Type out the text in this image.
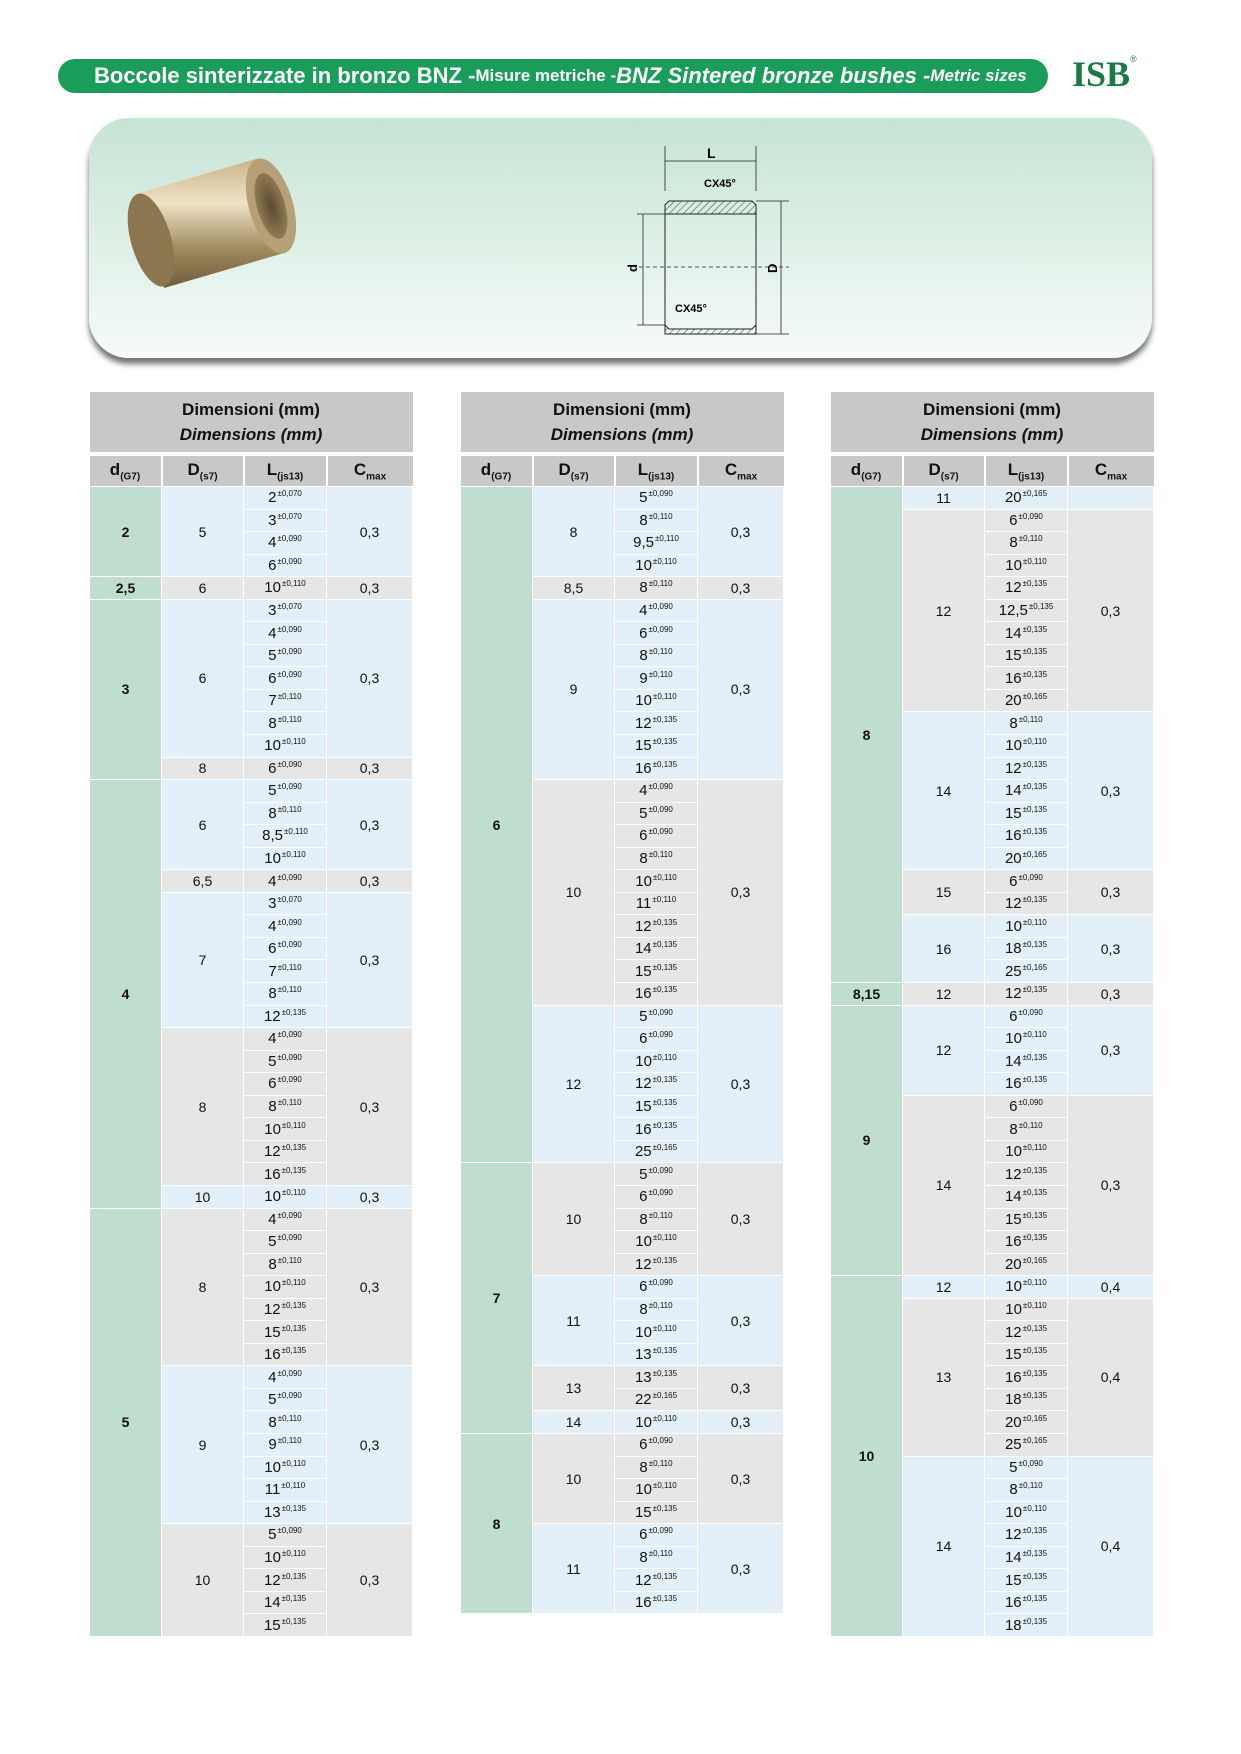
Boccole sinterizzate in bronzo BNZ - Misure metriche - BNZ Sintered bronze bushes - Metric sizes ISB ®
L
CX45°
d	D
CX45°
Dimensioni (mm)
Dimensions (mm)			

$d_{(G7)}$	$D_{(s7)}$	$L_{(js13)}$	$C_{max}$
2	5	$2^{\pm 0,070}$	0,3
		$3^{\pm 0,070}$
		$4^{\pm 0,090}$
		$6^{\pm 0,090}$
2,5	6	$10^{\pm 0,110}$	0,3
3	6	$3^{\pm 0,070}$	0,3
		$4^{\pm 0,090}$
		$5^{\pm 0,090}$
		$6^{\pm 0,090}$
		$7^{\pm 0,110}$
		$8^{\pm 0,110}$
		$10^{\pm 0,110}$
	8	$6^{\pm 0,090}$	0,3
4	6	$5^{\pm 0,090}$	0,3
		$8^{\pm 0,110}$
		$8,5^{\pm 0,110}$
		$10^{\pm 0,110}$
	6,5	$4^{\pm 0,090}$	0,3
	7	$3^{\pm 0,070}$	0,3
		$4^{\pm 0,090}$
		$6^{\pm 0,090}$
		$7^{\pm 0,110}$
		$8^{\pm 0,110}$
		$12^{\pm 0,135}$
	8	$4^{\pm 0,090}$	0,3
		$5^{\pm 0,090}$
		$6^{\pm 0,090}$
		$8^{\pm 0,110}$
		$10^{\pm 0,110}$
		$12^{\pm 0,135}$
		$16^{\pm 0,135}$
	10	$10^{\pm 0,110}$	0,3
5	8	$4^{\pm 0,090}$	0,3
		$5^{\pm 0,090}$
		$8^{\pm 0,110}$
		$10^{\pm 0,110}$
		$12^{\pm 0,135}$
		$15^{\pm 0,135}$
		$16^{\pm 0,135}$
	9	$4^{\pm 0,090}$	0,3
		$5^{\pm 0,090}$
		$8^{\pm 0,110}$
		$9^{\pm 0,110}$
		$10^{\pm 0,110}$
		$11^{\pm 0,110}$
		$13^{\pm 0,135}$
	10	$5^{\pm 0,090}$	0,3
		$10^{\pm 0,110}$
		$12^{\pm 0,135}$
		$14^{\pm 0,135}$
		$15^{\pm 0,135}$
Dimensioni (mm)
Dimensions (mm)			

$d_{(G7)}$	$D_{(s7)}$	$L_{(js13)}$	$C_{max}$
6	8	$5^{\pm 0,090}$	0,3
		$8^{\pm 0,110}$
		$9,5^{\pm 0,110}$
		$10^{\pm 0,110}$
	8,5	$8^{\pm 0,110}$	0,3
	9	$4^{\pm 0,090}$	0,3
		$6^{\pm 0,090}$
		$8^{\pm 0,110}$
		$9^{\pm 0,110}$
		$10^{\pm 0,110}$
		$12^{\pm 0,135}$
		$15^{\pm 0,135}$
		$16^{\pm 0,135}$
	10	$4^{\pm 0,090}$	0,3
		$5^{\pm 0,090}$
		$6^{\pm 0,090}$
		$8^{\pm 0,110}$
		$10^{\pm 0,110}$
		$11^{\pm 0,110}$
		$12^{\pm 0,135}$
		$14^{\pm 0,135}$
		$15^{\pm 0,135}$
		$16^{\pm 0,135}$
	12	$5^{\pm 0,090}$	0,3
		$6^{\pm 0,090}$
		$10^{\pm 0,110}$
		$12^{\pm 0,135}$
		$15^{\pm 0,135}$
		$16^{\pm 0,135}$
		$25^{\pm 0,165}$
7	10	$5^{\pm 0,090}$	0,3
		$6^{\pm 0,090}$
		$8^{\pm 0,110}$
		$10^{\pm 0,110}$
		$12^{\pm 0,135}$
	11	$6^{\pm 0,090}$	0,3
		$8^{\pm 0,110}$
		$10^{\pm 0,110}$
		$13^{\pm 0,135}$
	13	$13^{\pm 0,135}$	0,3
		$22^{\pm 0,165}$
	14	$10^{\pm 0,110}$	0,3
8	10	$6^{\pm 0,090}$	0,3
		$8^{\pm 0,110}$
		$10^{\pm 0,110}$
		$15^{\pm 0,135}$
	11	$6^{\pm 0,090}$	0,3
		$8^{\pm 0,110}$
		$12^{\pm 0,135}$
		$16^{\pm 0,135}$
Dimensioni (mm)
Dimensions (mm)			

$d_{(G7)}$	$D_{(s7)}$	$L_{(js13)}$	$C_{max}$
8	11	$20^{\pm 0,165}$	
	12	$6^{\pm 0,090}$	0,3
		$8^{\pm 0,110}$
		$10^{\pm 0,110}$
		$12^{\pm 0,135}$
		$12,5^{\pm 0,135}$
		$14^{\pm 0,135}$
		$15^{\pm 0,135}$
		$16^{\pm 0,135}$
		$20^{\pm 0,165}$
	14	$8^{\pm 0,110}$	0,3
		$10^{\pm 0,110}$
		$12^{\pm 0,135}$
		$14^{\pm 0,135}$
		$15^{\pm 0,135}$
		$16^{\pm 0,135}$
		$20^{\pm 0,165}$
	15	$6^{\pm 0,090}$	0,3
		$12^{\pm 0,135}$
	16	$10^{\pm 0,110}$	0,3
		$18^{\pm 0,135}$
		$25^{\pm 0,165}$
8,15	12	$12^{\pm 0,135}$	0,3
9	12	$6^{\pm 0,090}$	0,3
		$10^{\pm 0,110}$
		$14^{\pm 0,135}$
		$16^{\pm 0,135}$
	14	$6^{\pm 0,090}$	0,3
		$8^{\pm 0,110}$
		$10^{\pm 0,110}$
		$12^{\pm 0,135}$
		$14^{\pm 0,135}$
		$15^{\pm 0,135}$
		$16^{\pm 0,135}$
		$20^{\pm 0,165}$
10	12	$10^{\pm 0,110}$	0,4
	13	$10^{\pm 0,110}$	0,4
		$12^{\pm 0,135}$
		$15^{\pm 0,135}$
		$16^{\pm 0,135}$
		$18^{\pm 0,135}$
		$20^{\pm 0,165}$
		$25^{\pm 0,165}$
	14	$5^{\pm 0,090}$	0,4
		$8^{\pm 0,110}$
		$10^{\pm 0,110}$
		$12^{\pm 0,135}$
		$14^{\pm 0,135}$
		$15^{\pm 0,135}$
		$16^{\pm 0,135}$
		$18^{\pm 0,135}$
